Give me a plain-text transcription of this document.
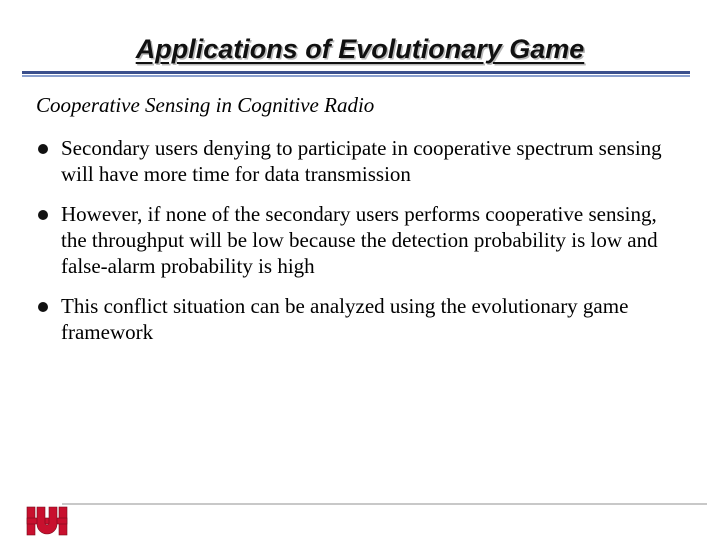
Applications of Evolutionary Game
Cooperative Sensing in Cognitive Radio
Secondary users denying to participate in cooperative spectrum sensing will have more time for data transmission
However, if none of the secondary users performs cooperative sensing, the throughput will be low because the detection probability is low and false-alarm probability is high
This conflict situation can be analyzed using the evolutionary game framework
